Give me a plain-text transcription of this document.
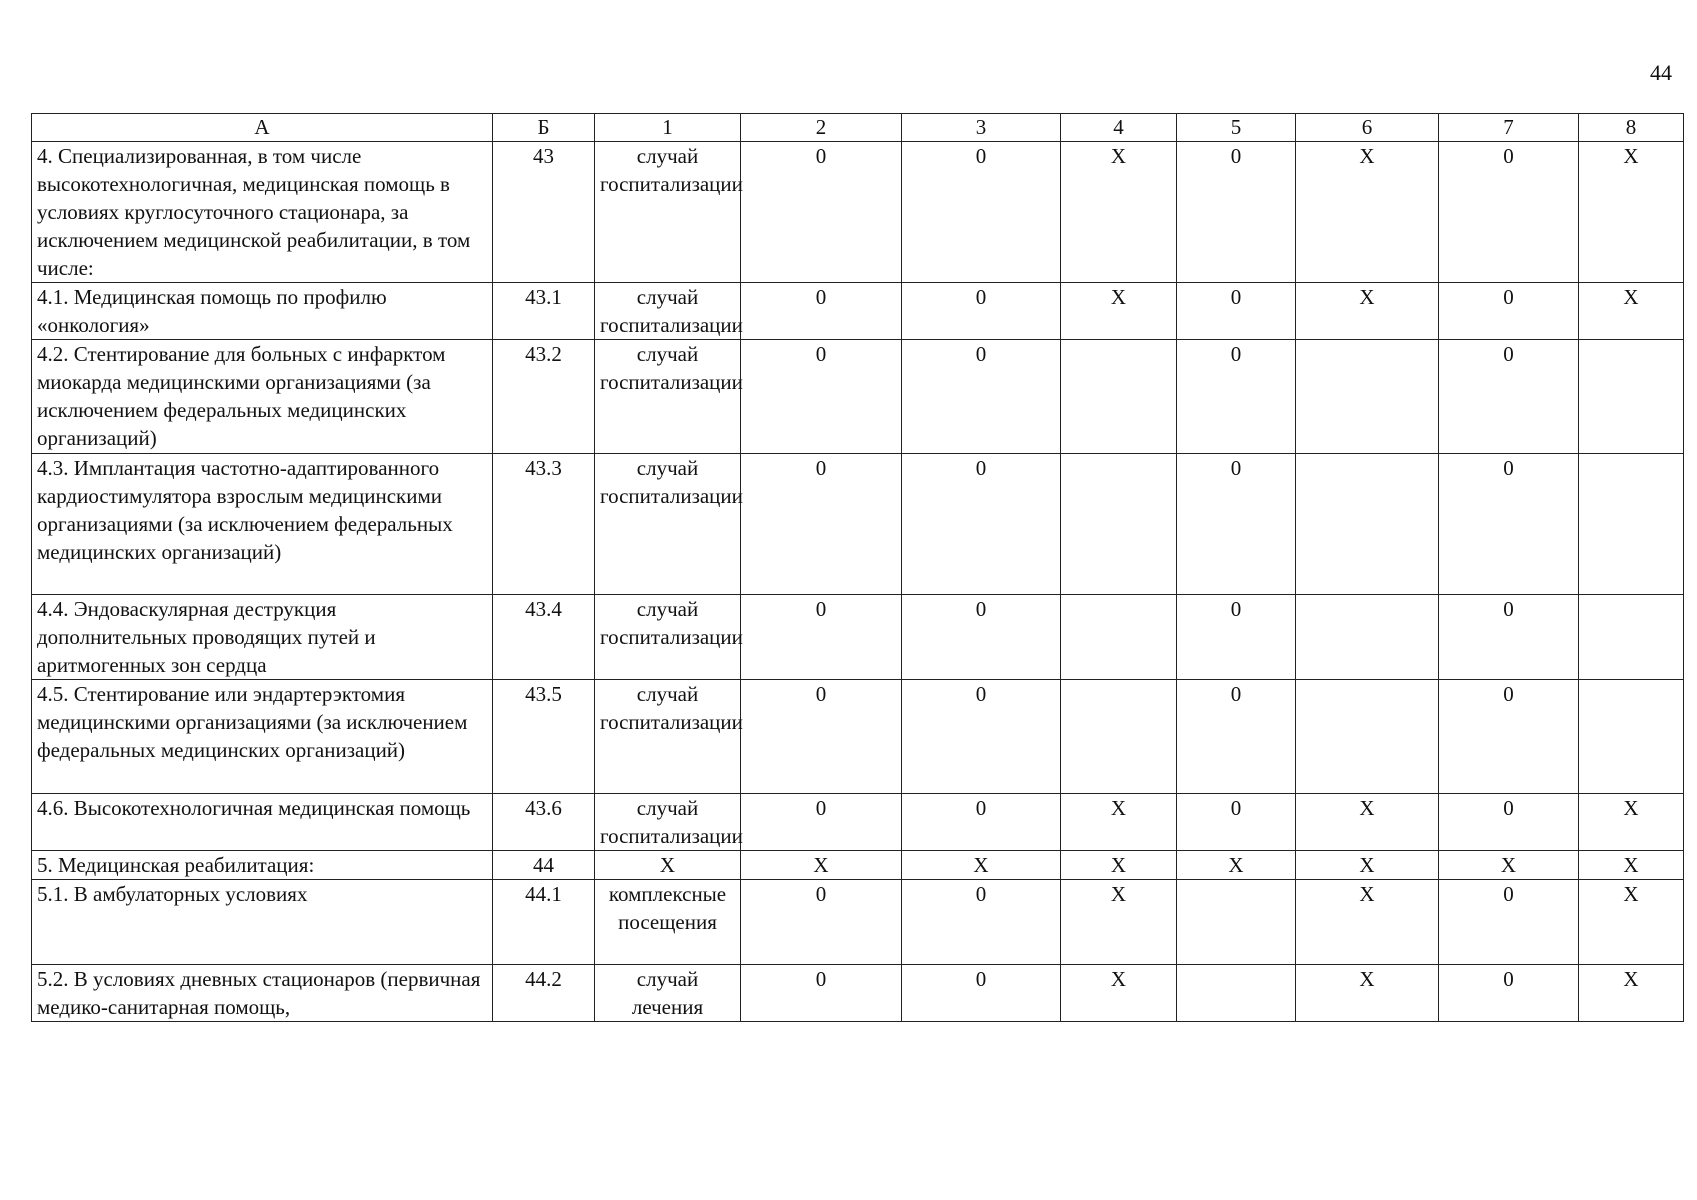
44
А	Б	1	2	3	4	5	6	7	8
4. Специализированная, в том числе высокотехнологичная, медицинская помощь в условиях круглосуточного стационара, за исключением медицинской реабилитации, в том числе:	43	случай госпитализации	0	0	Х	0	Х	0	Х
4.1. Медицинская помощь по профилю «онкология»	43.1	случай госпитализации	0	0	Х	0	Х	0	Х
4.2. Стентирование для больных с инфарктом миокарда медицинскими организациями (за исключением федеральных медицинских организаций)	43.2	случай госпитализации	0	0		0		0	
4.3. Имплантация частотно-адаптированного кардиостимулятора взрослым медицинскими организациями (за исключением федеральных медицинских организаций)	43.3	случай госпитализации	0	0		0		0	
4.4. Эндоваскулярная деструкция дополнительных проводящих путей и аритмогенных зон сердца	43.4	случай госпитализации	0	0		0		0	
4.5. Стентирование или эндартерэктомия медицинскими организациями (за исключением федеральных медицинских организаций)	43.5	случай госпитализации	0	0		0		0	
4.6. Высокотехнологичная медицинская помощь	43.6	случай госпитализации	0	0	Х	0	Х	0	Х
5. Медицинская реабилитация:	44	Х	Х	Х	Х	Х	Х	Х	Х
5.1. В амбулаторных условиях	44.1	комплексные посещения	0	0	Х		Х	0	Х
5.2. В условиях дневных стационаров (первичная медико-санитарная помощь,	44.2	случай лечения	0	0	Х		Х	0	Х
